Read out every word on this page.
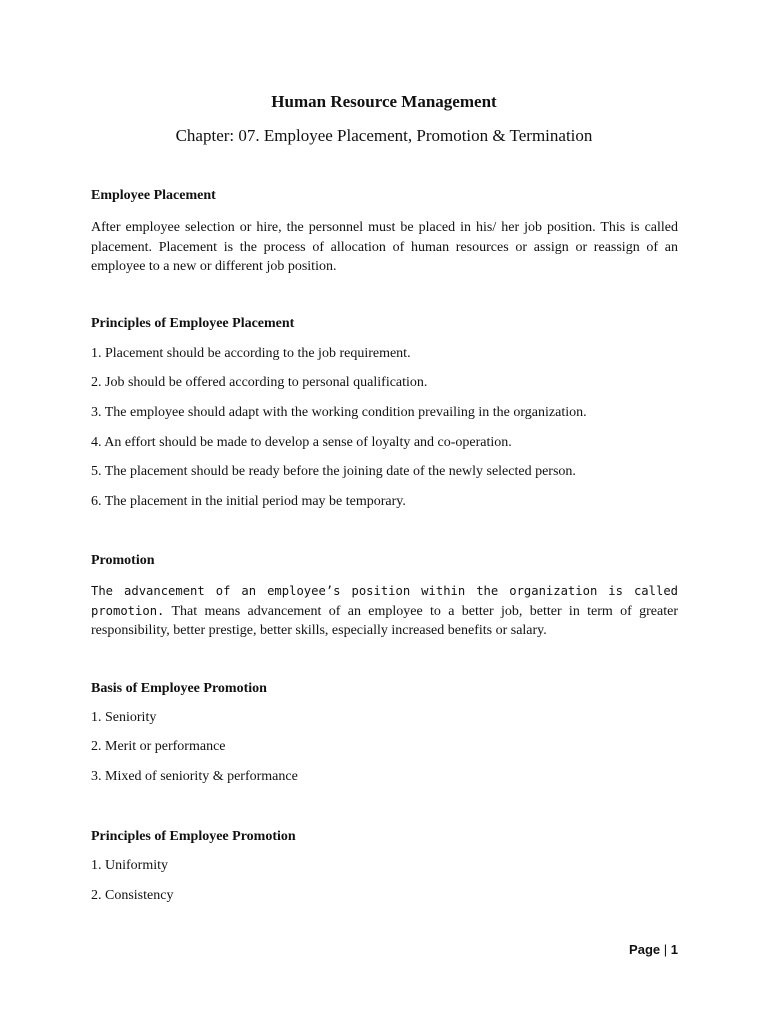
Human Resource Management
Chapter: 07. Employee Placement, Promotion & Termination
Employee Placement
After employee selection or hire, the personnel must be placed in his/ her job position. This is called placement. Placement is the process of allocation of human resources or assign or reassign of an employee to a new or different job position.
Principles of Employee Placement
1. Placement should be according to the job requirement.
2. Job should be offered according to personal qualification.
3. The employee should adapt with the working condition prevailing in the organization.
4. An effort should be made to develop a sense of loyalty and co-operation.
5. The placement should be ready before the joining date of the newly selected person.
6. The placement in the initial period may be temporary.
Promotion
The advancement of an employee’s position within the organization is called promotion. That means advancement of an employee to a better job, better in term of greater responsibility, better prestige, better skills, especially increased benefits or salary.
Basis of Employee Promotion
1. Seniority
2. Merit or performance
3. Mixed of seniority & performance
Principles of Employee Promotion
1. Uniformity
2. Consistency
Page | 1
